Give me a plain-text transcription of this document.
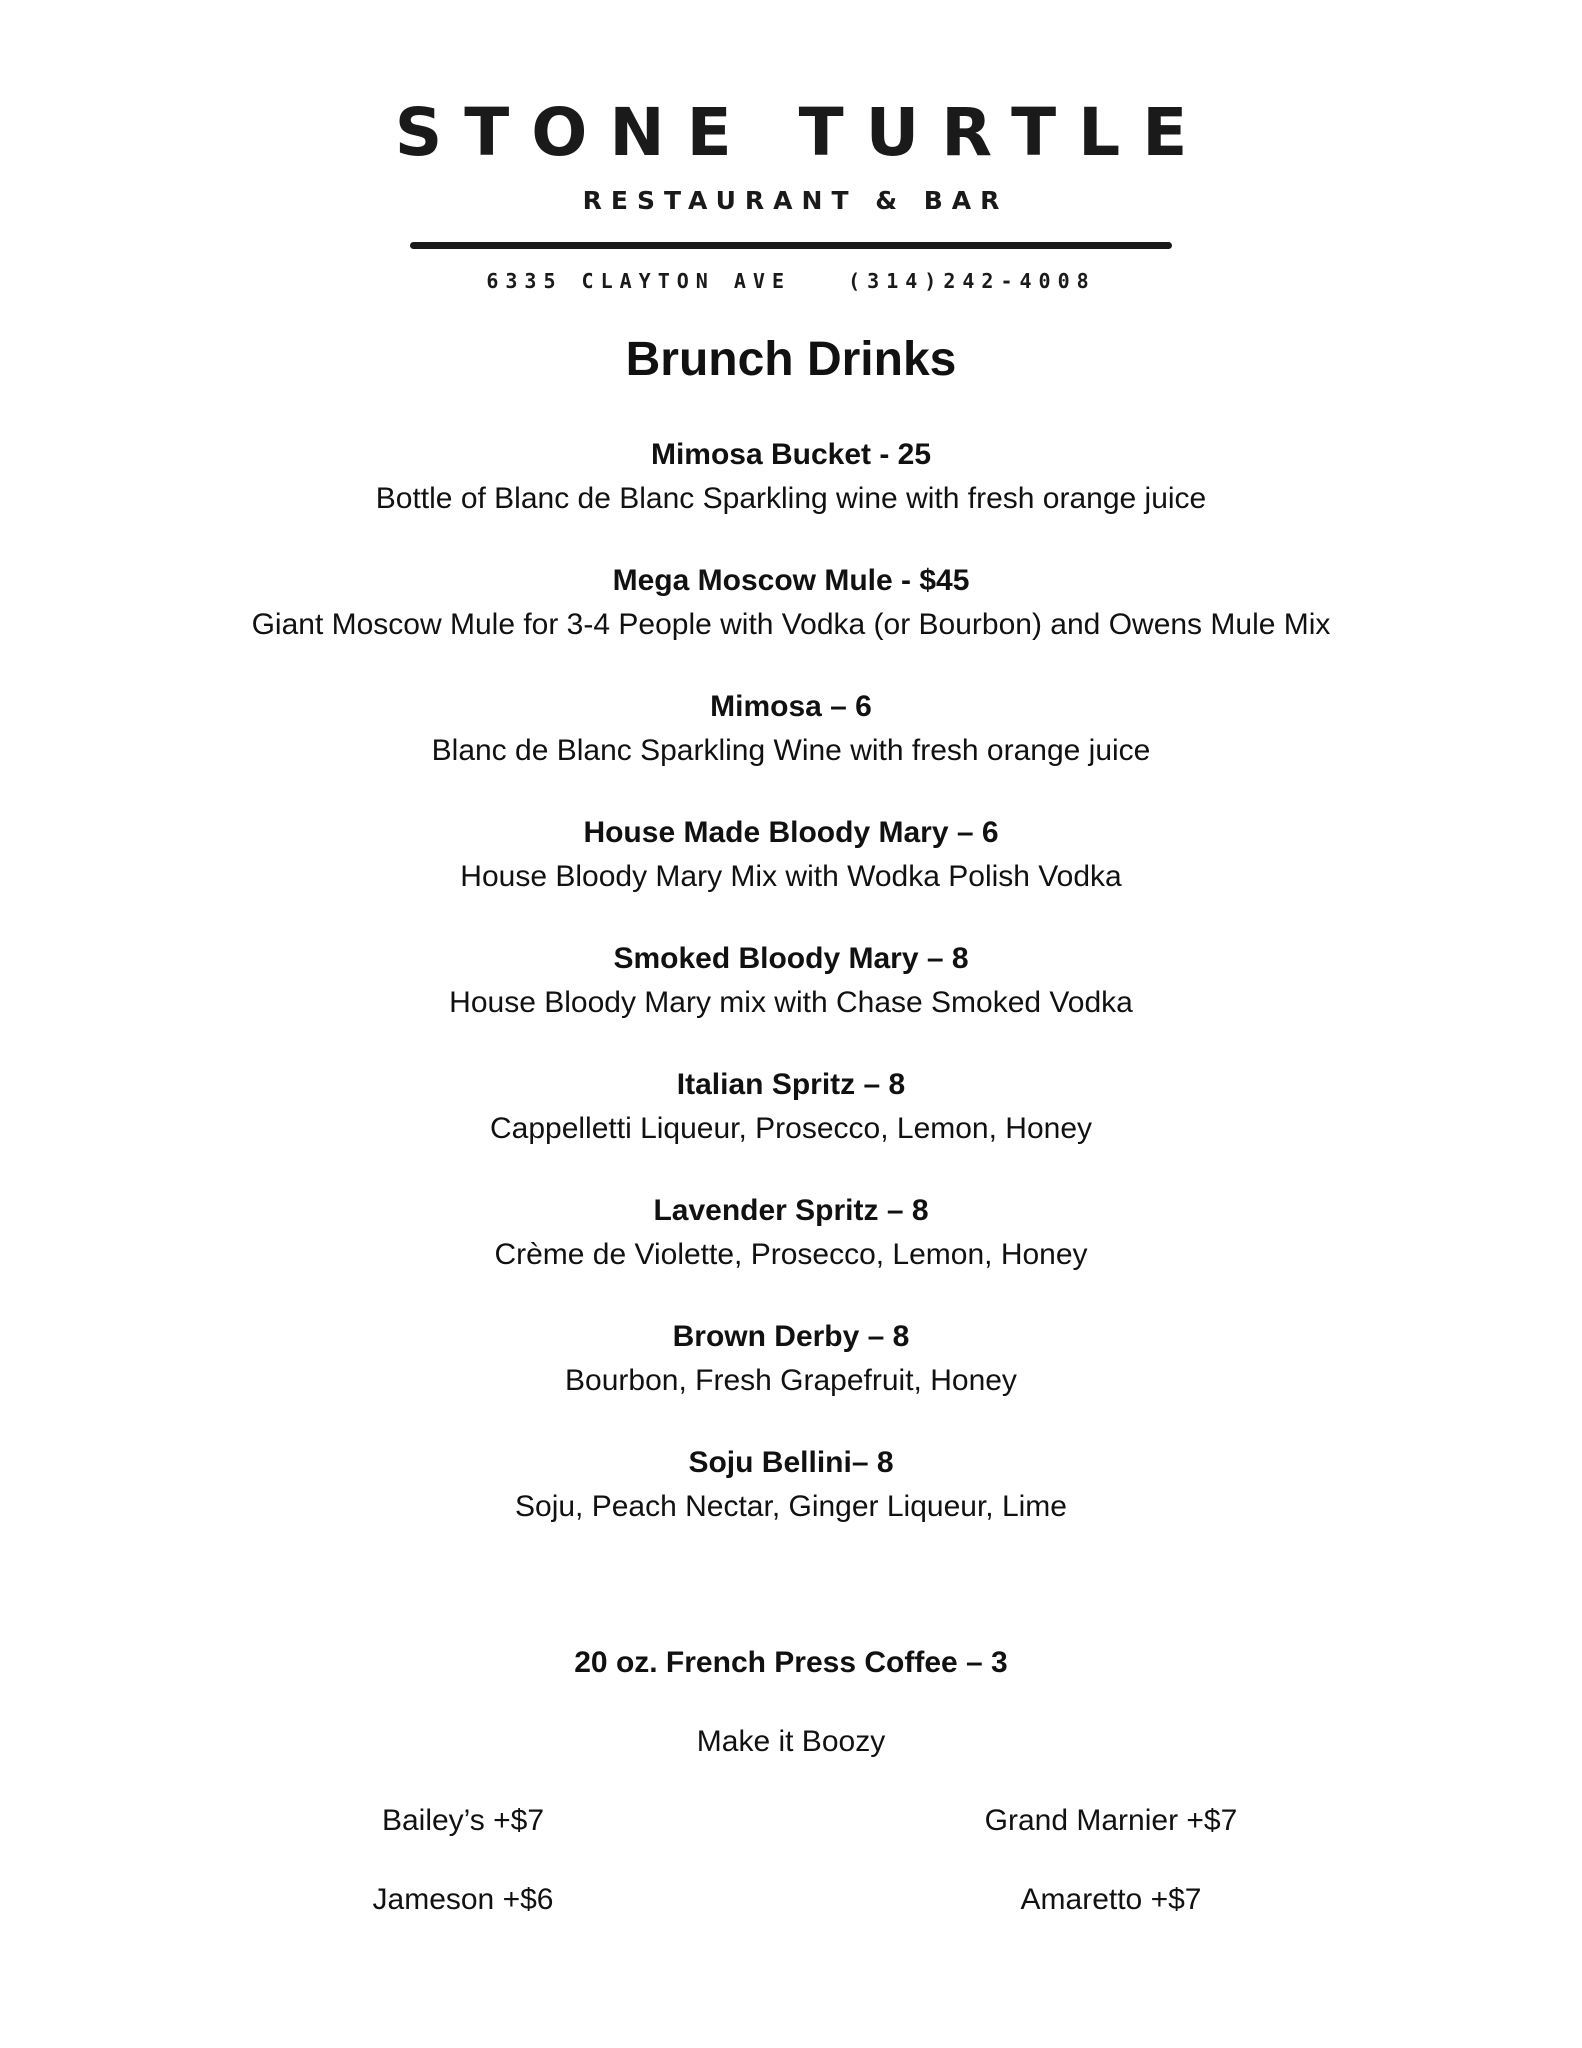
STONE TURTLE
RESTAURANT & BAR
6335 CLAYTON AVE   (314)242-4008
Brunch Drinks
Mimosa Bucket - 25
Bottle of Blanc de Blanc Sparkling wine with fresh orange juice
Mega Moscow Mule - $45
Giant Moscow Mule for 3-4 People with Vodka (or Bourbon) and Owens Mule Mix
Mimosa – 6
Blanc de Blanc Sparkling Wine with fresh orange juice
House Made Bloody Mary – 6
House Bloody Mary Mix with Wodka Polish Vodka
Smoked Bloody Mary – 8
House Bloody Mary mix with Chase Smoked Vodka
Italian Spritz – 8
Cappelletti Liqueur, Prosecco, Lemon, Honey
Lavender Spritz – 8
Crème de Violette, Prosecco, Lemon, Honey
Brown Derby – 8
Bourbon, Fresh Grapefruit, Honey
Soju Bellini– 8
Soju, Peach Nectar, Ginger Liqueur, Lime
20 oz. French Press Coffee – 3
Make it Boozy
Bailey’s +$7	Grand Marnier +$7
Jameson +$6	Amaretto +$7
